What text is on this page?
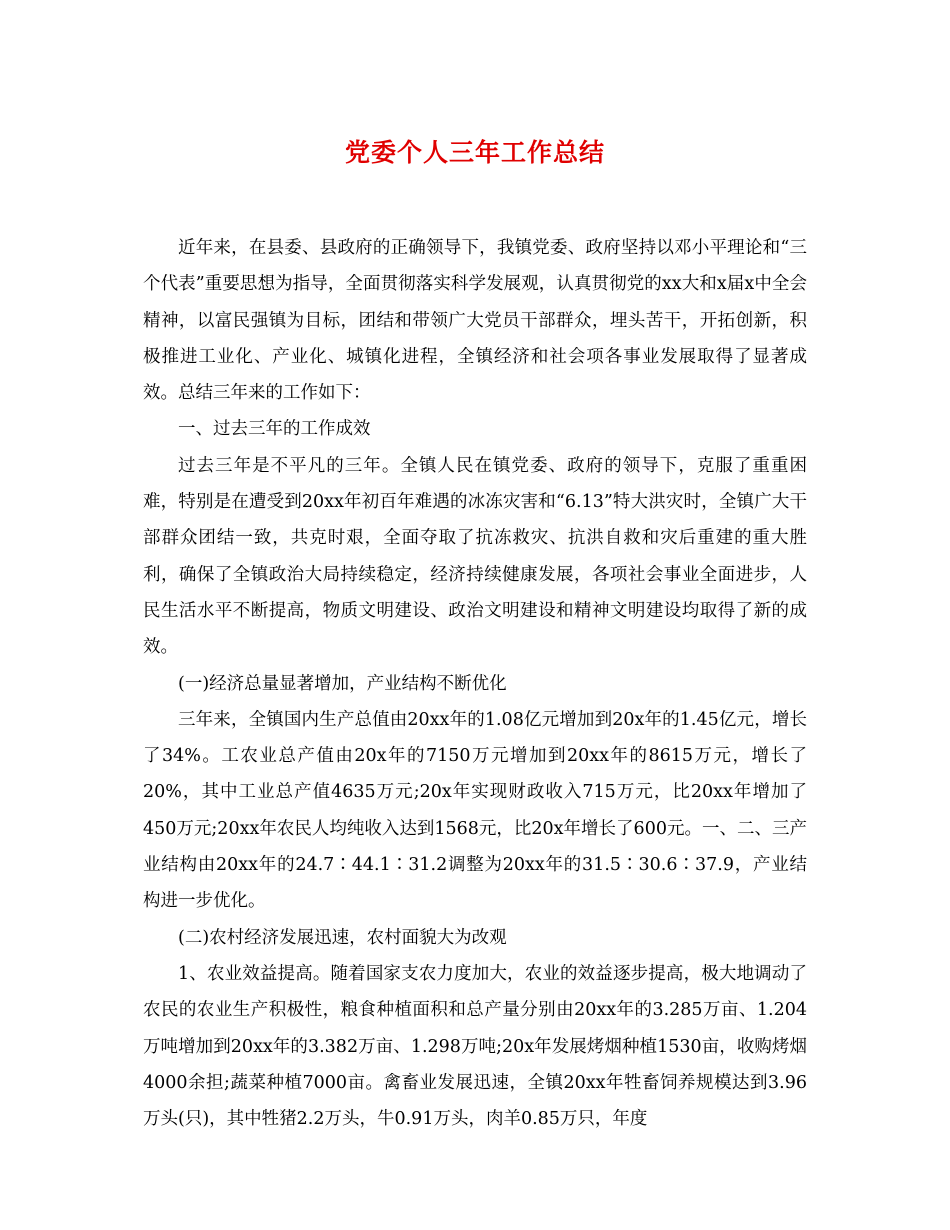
党委个人三年工作总结

近年来，在县委、县政府的正确领导下，我镇党委、政府坚持以邓小平理论和“三个代表”重要思想为指导，全面贯彻落实科学发展观，认真贯彻党的xx大和x届x中全会精神，以富民强镇为目标，团结和带领广大党员干部群众，埋头苦干，开拓创新，积极推进工业化、产业化、城镇化进程，全镇经济和社会项各事业发展取得了显著成效。总结三年来的工作如下：

一、过去三年的工作成效

过去三年是不平凡的三年。全镇人民在镇党委、政府的领导下，克服了重重困难，特别是在遭受到20xx年初百年难遇的冰冻灾害和“6.13”特大洪灾时，全镇广大干部群众团结一致，共克时艰，全面夺取了抗冻救灾、抗洪自救和灾后重建的重大胜利，确保了全镇政治大局持续稳定，经济持续健康发展，各项社会事业全面进步，人民生活水平不断提高，物质文明建设、政治文明建设和精神文明建设均取得了新的成效。

(一)经济总量显著增加，产业结构不断优化

三年来，全镇国内生产总值由20xx年的1.08亿元增加到20x年的1.45亿元，增长了34%。工农业总产值由20x年的7150万元增加到20xx年的8615万元，增长了20%，其中工业总产值4635万元;20x年实现财政收入715万元，比20xx年增加了450万元;20xx年农民人均纯收入达到1568元，比20x年增长了600元。一、二、三产业结构由20xx年的24.7∶44.1∶31.2调整为20xx年的31.5∶30.6∶37.9，产业结构进一步优化。

(二)农村经济发展迅速，农村面貌大为改观

1、农业效益提高。随着国家支农力度加大，农业的效益逐步提高，极大地调动了农民的农业生产积极性，粮食种植面积和总产量分别由20xx年的3.285万亩、1.204万吨增加到20xx年的3.382万亩、1.298万吨;20x年发展烤烟种植1530亩，收购烤烟4000余担;蔬菜种植7000亩。禽畜业发展迅速，全镇20xx年牲畜饲养规模达到3.96万头(只)，其中牲猪2.2万头，牛0.91万头，肉羊0.85万只，年度
